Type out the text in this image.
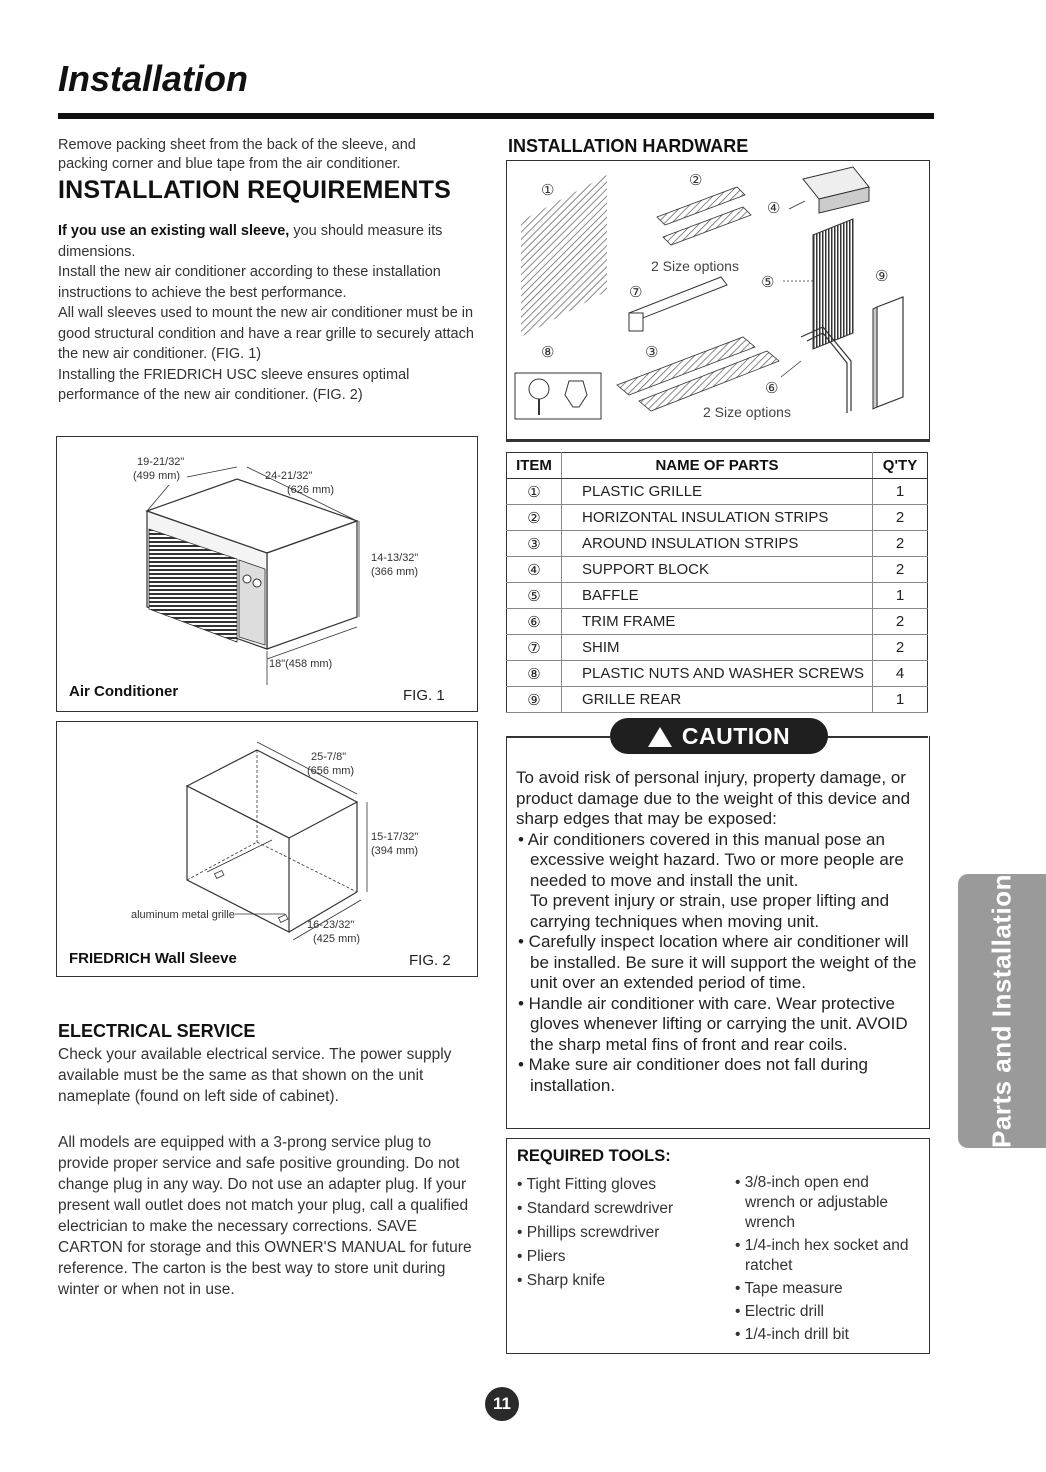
Installation
Remove packing sheet from the back of the sleeve, and packing corner and blue tape from the air conditioner.
INSTALLATION REQUIREMENTS
If you use an existing wall sleeve, you should measure its dimensions.
Install the new air conditioner according to these installation instructions to achieve the best performance.
All wall sleeves used to mount the new air conditioner must be in good structural condition and have a rear grille to securely attach the new air conditioner. (FIG. 1)
Installing the FRIEDRICH USC sleeve ensures optimal performance of the new air conditioner. (FIG. 2)
19-21/32"
(499 mm)	24-21/32"
(626 mm)
14-13/32"
(366 mm)
18"(458 mm)
Air Conditioner	FIG. 1
25-7/8"
(656 mm)
15-17/32"
(394 mm)
16-23/32"
(425 mm)
aluminum metal grille
FRIEDRICH Wall Sleeve	FIG. 2
ELECTRICAL SERVICE
Check your available electrical service. The power supply available must be the same as that shown on the unit nameplate (found on left side of cabinet).
All models are equipped with a 3-prong service plug to provide proper service and safe positive grounding. Do not change plug in any way. Do not use an adapter plug. If your present wall outlet does not match your plug, call a qualified electrician to make the necessary corrections. SAVE CARTON for storage and this OWNER'S MANUAL for future reference. The carton is the best way to store unit during winter or when not in use.
INSTALLATION HARDWARE
①
②
③
④
⑤
⑥
⑦
⑧
⑨
2 Size options
2 Size options
ITEM	NAME OF PARTS	Q'TY
①	PLASTIC GRILLE	1
②	HORIZONTAL INSULATION STRIPS	2
③	AROUND INSULATION STRIPS	2
④	SUPPORT BLOCK	2
⑤	BAFFLE	1
⑥	TRIM FRAME	2
⑦	SHIM	2
⑧	PLASTIC NUTS AND WASHER SCREWS	4
⑨	GRILLE REAR	1
CAUTION
To avoid risk of personal injury, property damage, or product damage due to the weight of this device and sharp edges that may be exposed:
• Air conditioners covered in this manual pose an excessive weight hazard. Two or more people are needed to move and install the unit.
To prevent injury or strain, use proper lifting and carrying techniques when moving unit.
• Carefully inspect location where air conditioner will be installed. Be sure it will support the weight of the unit over an extended period of time.
• Handle air conditioner with care. Wear protective gloves whenever lifting or carrying the unit. AVOID the sharp metal fins of front and rear coils.
• Make sure air conditioner does not fall during installation.
REQUIRED TOOLS:
• Tight Fitting gloves
• Standard screwdriver
• Phillips screwdriver
• Pliers
• Sharp knife
• 3/8-inch open end wrench or adjustable wrench
• 1/4-inch hex socket and ratchet
• Tape measure
• Electric drill
• 1/4-inch drill bit
Parts and Installation
11
